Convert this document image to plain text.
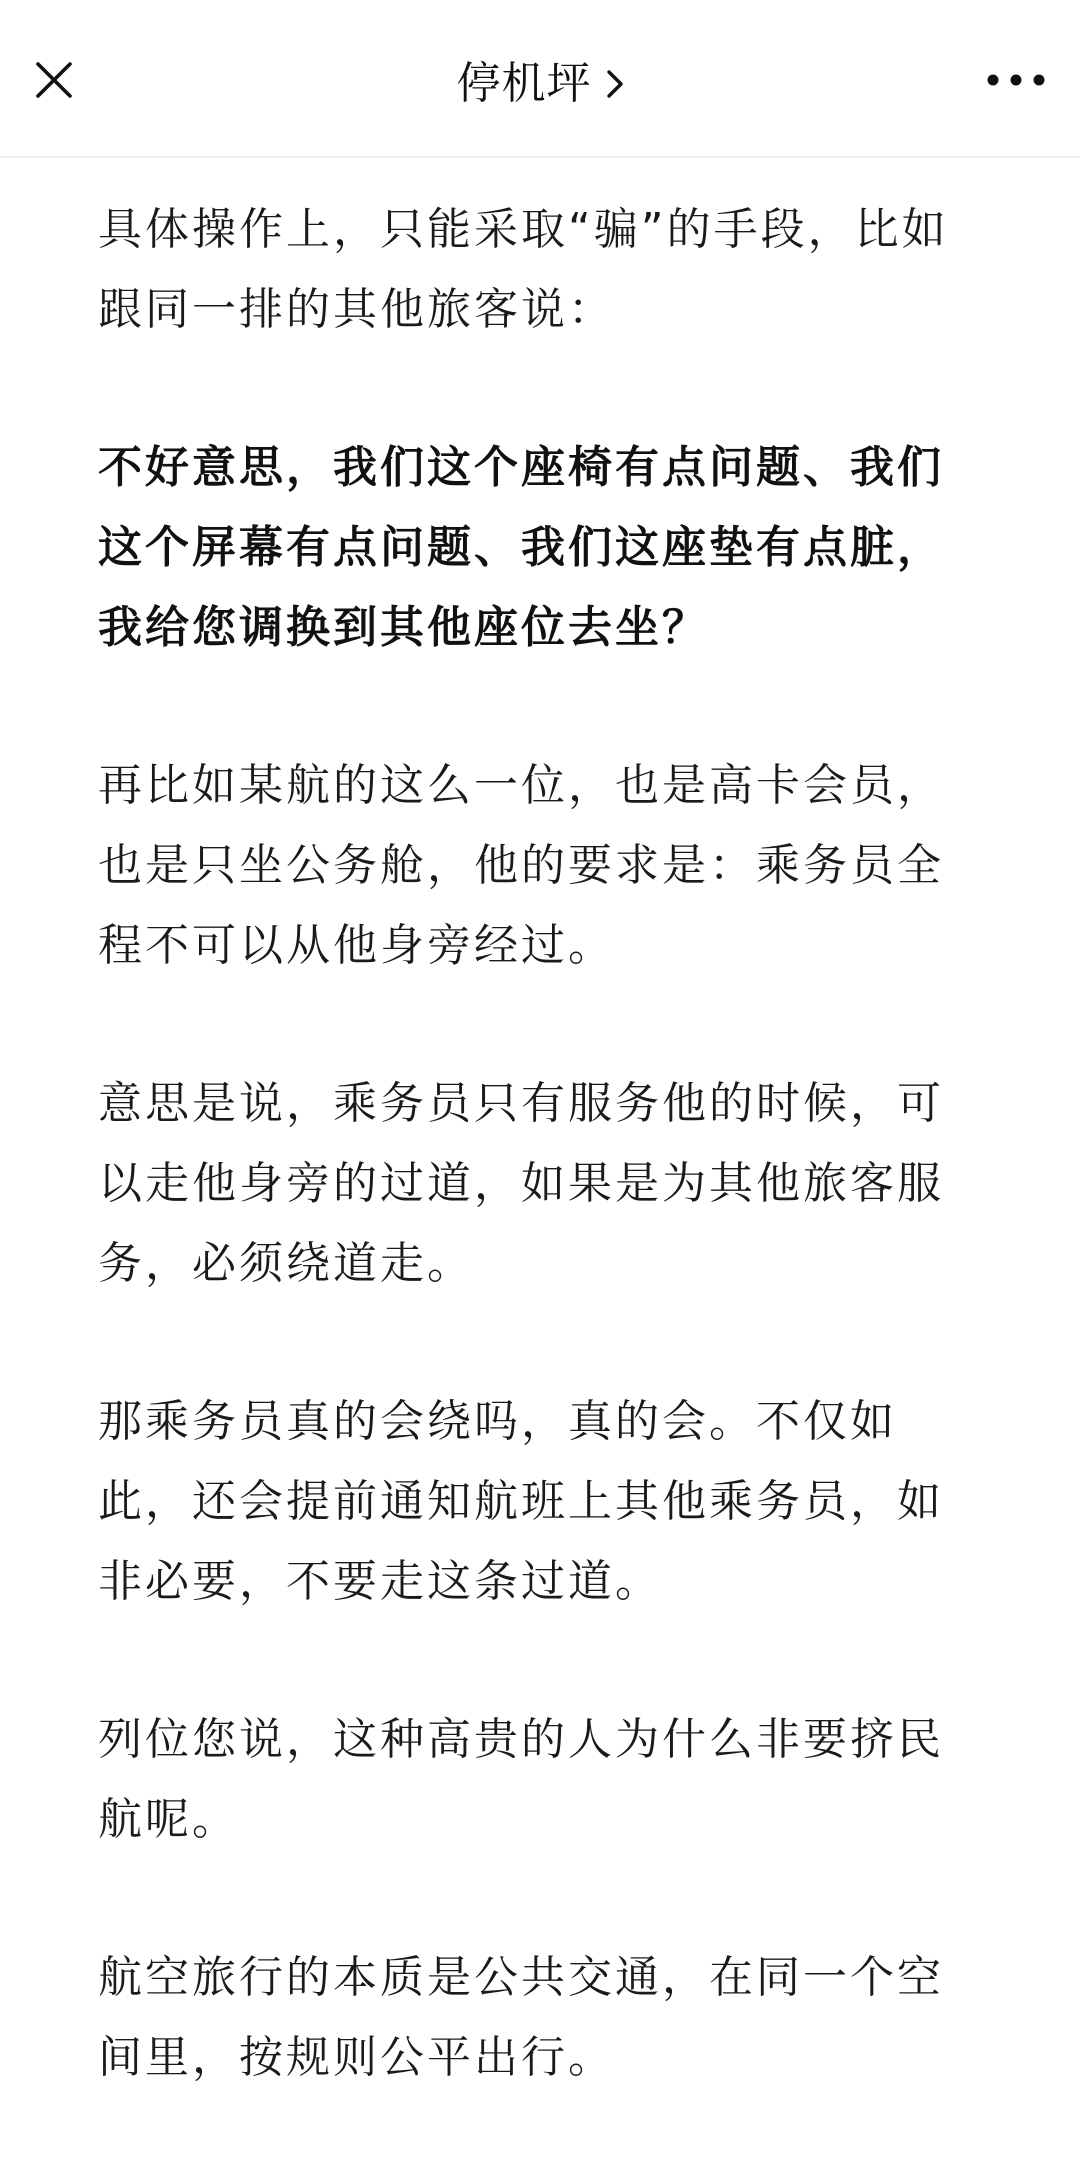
停机坪

具体操作上，只能采取“骗”的手段，比如跟同一排的其他旅客说：

不好意思，我们这个座椅有点问题、我们这个屏幕有点问题、我们这座垫有点脏，我给您调换到其他座位去坐？

再比如某航的这么一位，也是高卡会员，也是只坐公务舱，他的要求是：乘务员全程不可以从他身旁经过。

意思是说，乘务员只有服务他的时候，可以走他身旁的过道，如果是为其他旅客服务，必须绕道走。

那乘务员真的会绕吗，真的会。不仅如此，还会提前通知航班上其他乘务员，如非必要，不要走这条过道。

列位您说，这种高贵的人为什么非要挤民航呢。

航空旅行的本质是公共交通，在同一个空间里，按规则公平出行。
